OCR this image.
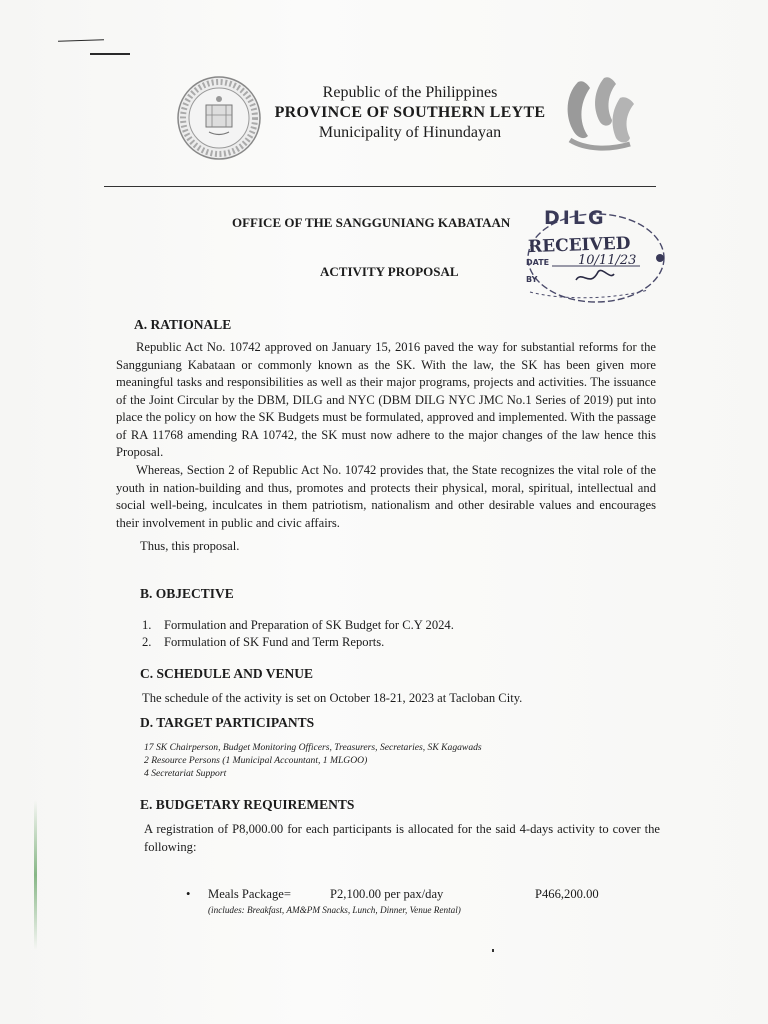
Republic of the Philippines
PROVINCE OF SOUTHERN LEYTE
Municipality of Hinundayan
OFFICE OF THE SANGGUNIANG KABATAAN DILG
RECEIVED
DATE 10/11/23
BY
ACTIVITY PROPOSAL
A. RATIONALE

Republic Act No. 10742 approved on January 15, 2016 paved the way for substantial reforms for the Sangguniang Kabataan or commonly known as the SK. With the law, the SK has been given more meaningful tasks and responsibilities as well as their major programs, projects and activities. The issuance of the Joint Circular by the DBM, DILG and NYC (DBM DILG NYC JMC No.1 Series of 2019) put into place the policy on how the SK Budgets must be formulated, approved and implemented. With the passage of RA 11768 amending RA 10742, the SK must now adhere to the major changes of the law hence this Proposal.

Whereas, Section 2 of Republic Act No. 10742 provides that, the State recognizes the vital role of the youth in nation-building and thus, promotes and protects their physical, moral, spiritual, intellectual and social well-being, inculcates in them patriotism, nationalism and other desirable values and encourages their involvement in public and civic affairs.

Thus, this proposal.

B. OBJECTIVE
1. Formulation and Preparation of SK Budget for C.Y 2024.
2. Formulation of SK Fund and Term Reports.
C. SCHEDULE AND VENUE

The schedule of the activity is set on October 18-21, 2023 at Tacloban City.

D. TARGET PARTICIPANTS
17 SK Chairperson, Budget Monitoring Officers, Treasurers, Secretaries, SK Kagawads
2 Resource Persons (1 Municipal Accountant, 1 MLGOO)
4 Secretariat Support
E. BUDGETARY REQUIREMENTS

A registration of P8,000.00 for each participants is allocated for the said 4-days activity to cover the following:

• Meals Package=	P2,100.00 per pax/day	P466,200.00
(includes: Breakfast, AM&PM Snacks, Lunch, Dinner, Venue Rental)
